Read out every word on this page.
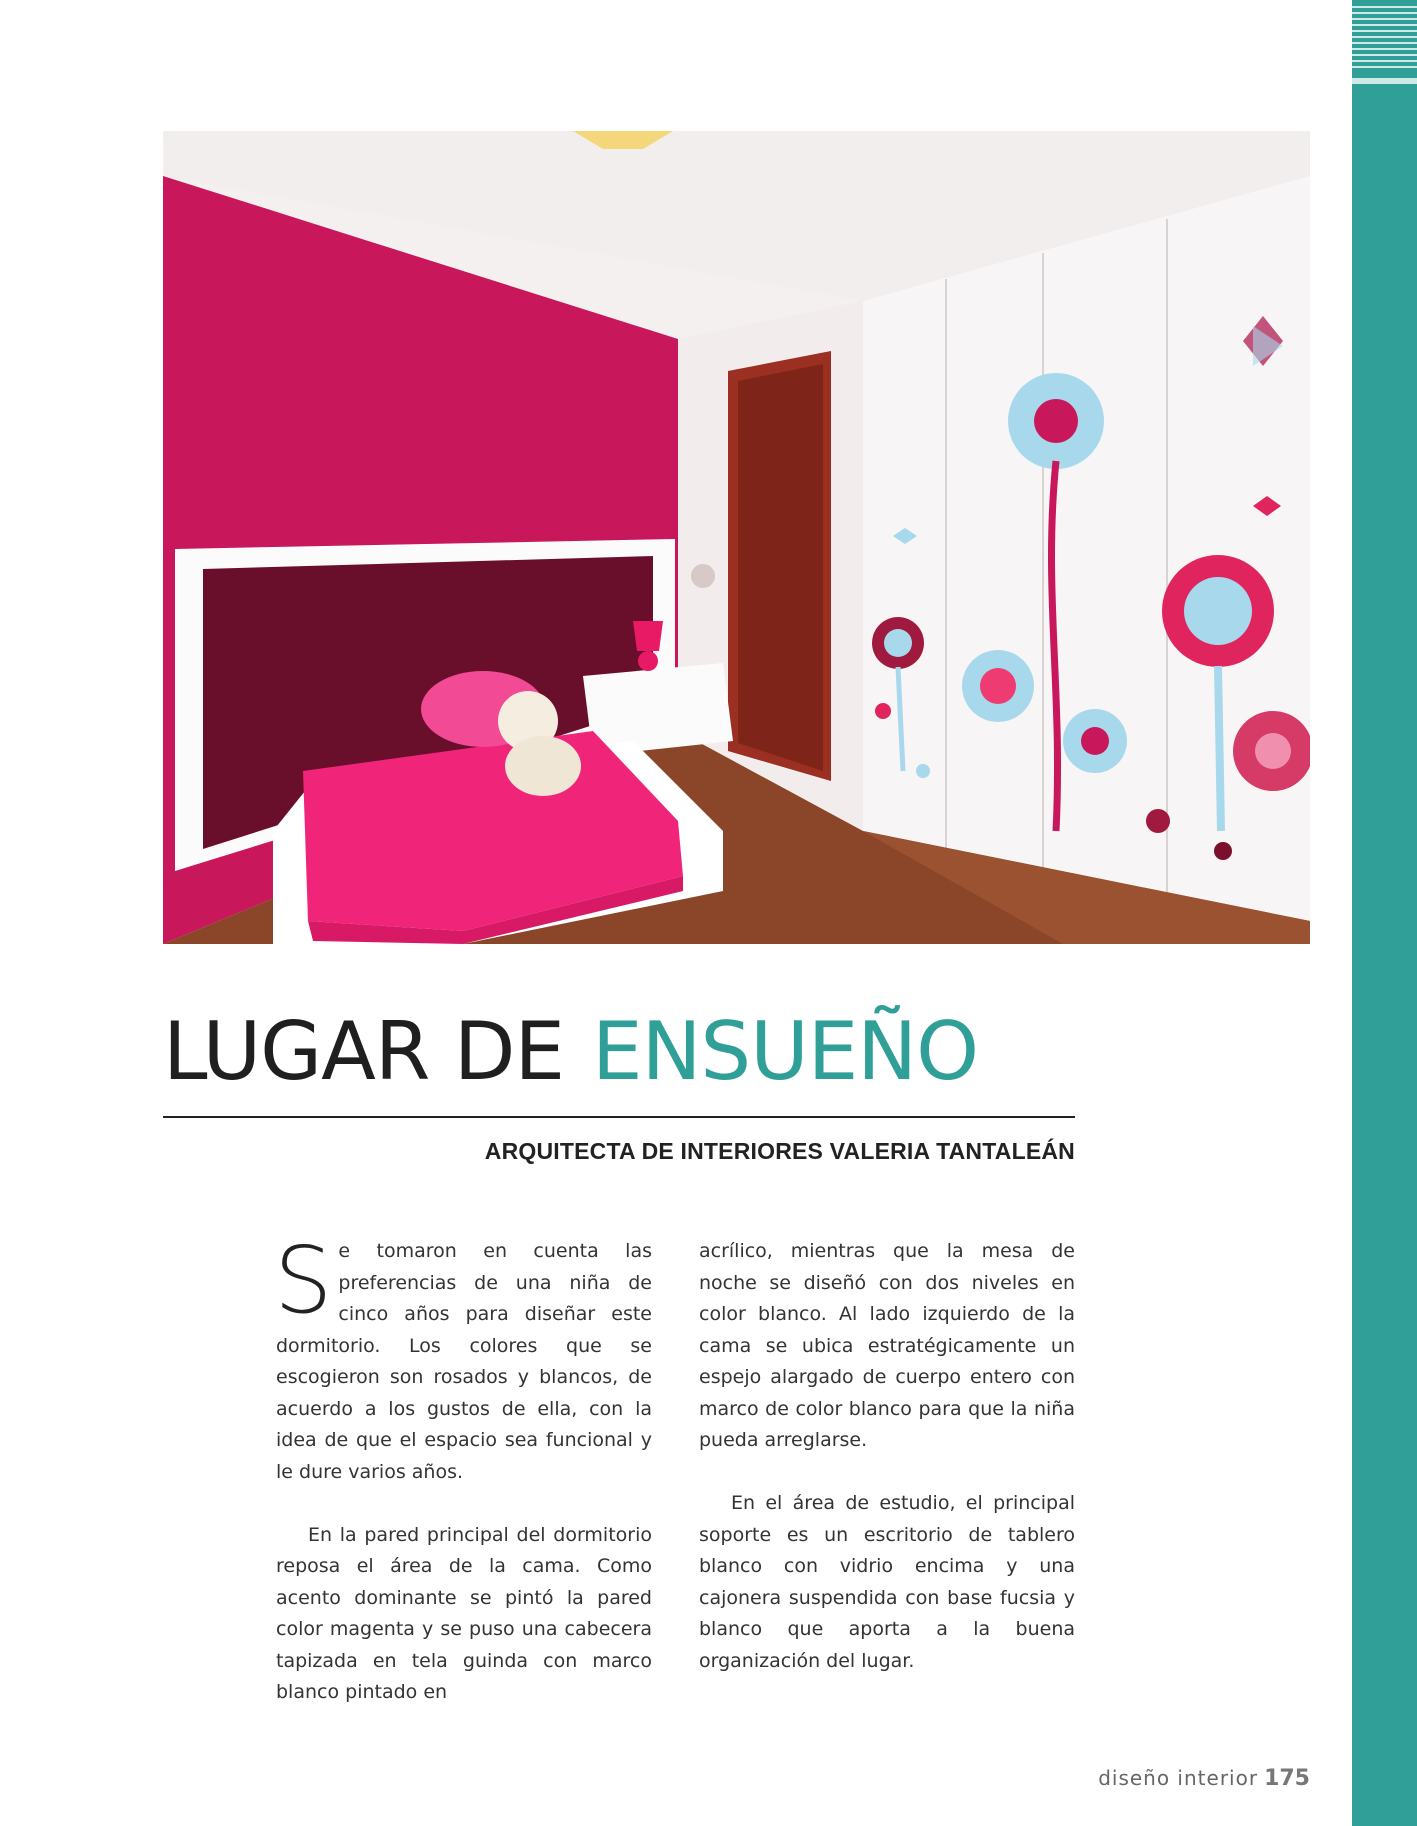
LUGAR DE ENSUEÑO
ARQUITECTA DE INTERIORES VALERIA TANTALEÁN

Se tomaron en cuenta las preferencias de una niña de cinco años para diseñar este dormitorio. Los colores que se escogieron son rosados y blancos, de acuerdo a los gustos de ella, con la idea de que el espacio sea funcional y le dure varios años.

En la pared principal del dormitorio reposa el área de la cama. Como acento dominante se pintó la pared color magenta y se puso una cabecera tapizada en tela guinda con marco blanco pintado en

acrílico, mientras que la mesa de noche se diseñó con dos niveles en color blanco. Al lado izquierdo de la cama se ubica estratégicamente un espejo alargado de cuerpo entero con marco de color blanco para que la niña pueda arreglarse.

En el área de estudio, el principal soporte es un escritorio de tablero blanco con vidrio encima y una cajonera suspendida con base fucsia y blanco que aporta a la buena organización del lugar.

diseño interior 175
